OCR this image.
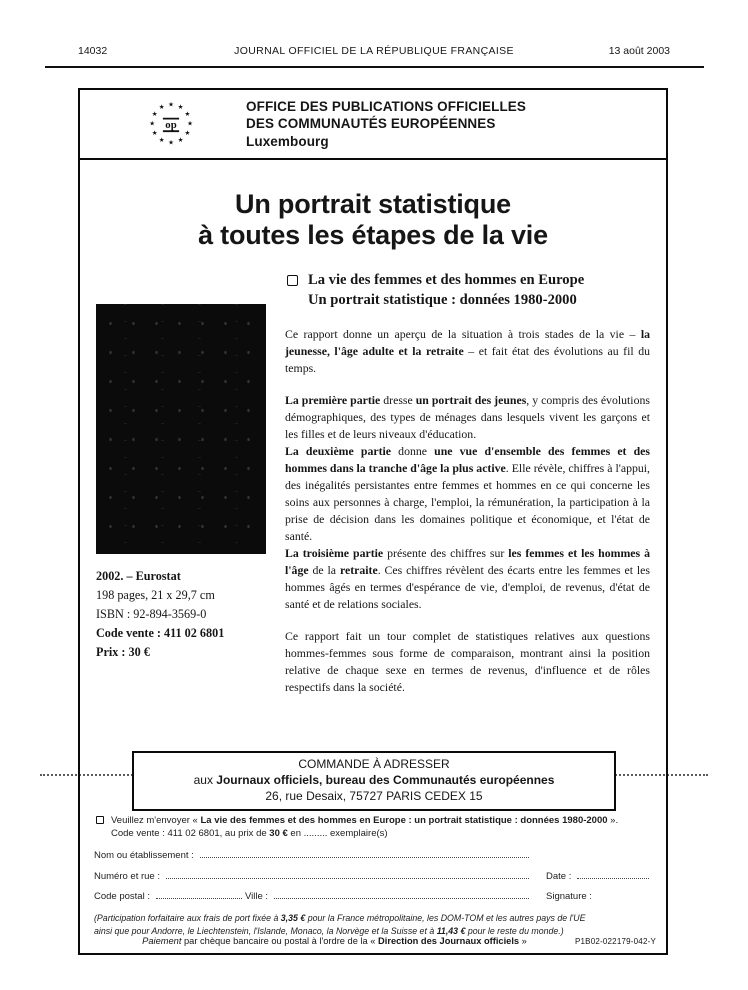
14032	JOURNAL OFFICIEL DE LA RÉPUBLIQUE FRANÇAISE	13 août 2003
★ ★
★
★
★
★
★
★
★
★
★
★
op
OFFICE DES PUBLICATIONS OFFICIELLES
DES COMMUNAUTÉS EUROPÉENNES
Luxembourg
Un portrait statistique
à toutes les étapes de la vie
2002. – Eurostat
198 pages, 21 x 29,7 cm
ISBN : 92-894-3569-0
Code vente : 411 02 6801
Prix : 30 €
La vie des femmes et des hommes en Europe
Un portrait statistique : données 1980-2000

Ce rapport donne un aperçu de la situation à trois stades de la vie – la jeunesse, l'âge adulte et la retraite – et fait état des évolutions au fil du temps.

La première partie dresse un portrait des jeunes, y compris des évolutions démographiques, des types de ménages dans lesquels vivent les garçons et les filles et de leurs niveaux d'éducation.

La deuxième partie donne une vue d'ensemble des femmes et des hommes dans la tranche d'âge la plus active. Elle révèle, chiffres à l'appui, des inégalités persistantes entre femmes et hommes en ce qui concerne les soins aux personnes à charge, l'emploi, la rémunération, la participation à la prise de décision dans les domaines politique et économique, et l'état de santé.

La troisième partie présente des chiffres sur les femmes et les hommes à l'âge de la retraite. Ces chiffres révèlent des écarts entre les femmes et les hommes âgés en termes d'espérance de vie, d'emploi, de revenus, d'état de santé et de relations sociales.

Ce rapport fait un tour complet de statistiques relatives aux questions hommes-femmes sous forme de comparaison, montrant ainsi la position relative de chaque sexe en termes de revenus, d'influence et de rôles respectifs dans la société.

COMMANDE À ADRESSER
aux Journaux officiels, bureau des Communautés européennes
26, rue Desaix, 75727 PARIS CEDEX 15
Veuillez m'envoyer « La vie des femmes et des hommes en Europe : un portrait statistique : données 1980-2000 ».
Code vente : 411 02 6801, au prix de 30 € en ......... exemplaire(s)
Nom ou établissement :
Numéro et rue :	Date :
Code postal :	Ville :	Signature :
(Participation forfaitaire aux frais de port fixée à 3,35 € pour la France métropolitaine, les DOM-TOM et les autres pays de l'UE
ainsi que pour Andorre, le Liechtenstein, l'Islande, Monaco, la Norvège et la Suisse et à 11,43 € pour le reste du monde.)
Paiement par chèque bancaire ou postal à l'ordre de la « Direction des Journaux officiels »	P1B02-022179-042-Y
